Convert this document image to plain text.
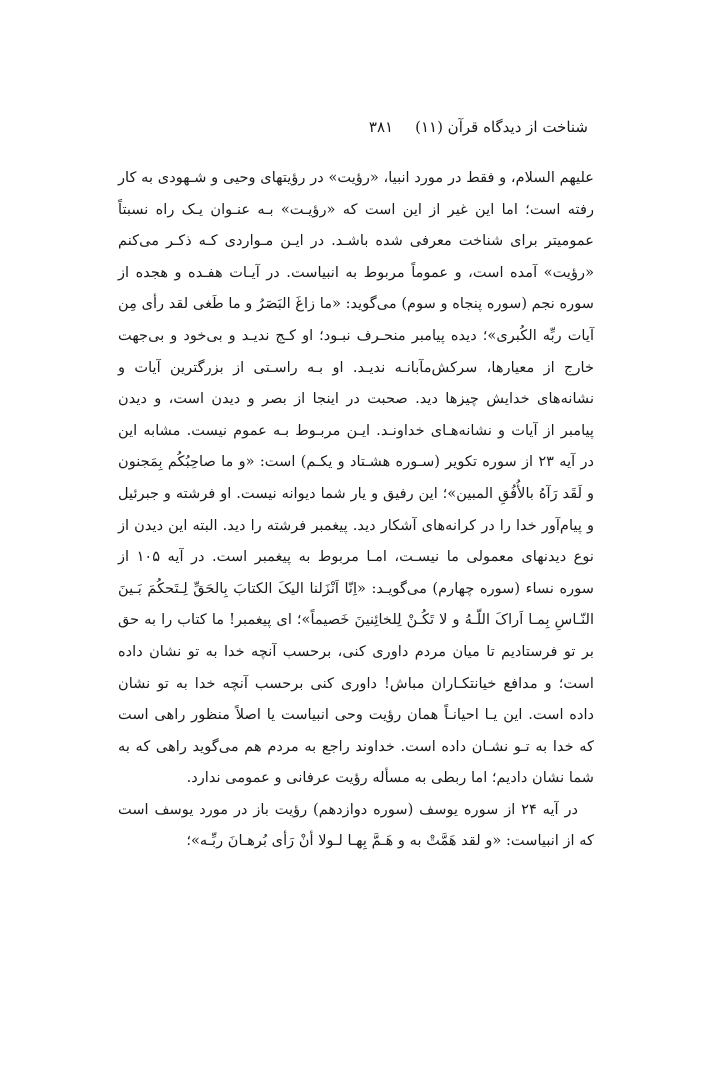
شناخت از دیدگاه قرآن (۱۱)
۳۸۱

علیهم السلام، و فقط در مورد انبیا، «رؤیت» در رؤیتهای وحیی و شـهودی به کار رفته است؛ اما این غیر از این است که «رؤیـت» بـه عنـوان یـک راه نسبتاً عمومیتر برای شناخت معرفی شده باشـد. در ایـن مـواردی کـه ذکـر می‌کنم «رؤیت» آمده است، و عموماً مربوط به انبیاست. در آیـات هفـده و هجده از سوره نجم (سوره پنجاه و سوم) می‌گوید: «ما زاغَ البَصَرُ و ما طَغی لقد رأی مِن آیات ربِّه الکُبری»؛ دیده پیامبر منحـرف نبـود؛ او کـج ندیـد و بی‌خود و بی‌جهت خارج از معیارها، سرکش‌مآبانـه ندیـد. او بـه راسـتی از بزرگترین آیات و نشانه‌های خدایش چیزها دید. صحبت در اینجا از بصر و دیدن است، و دیدن پیامبر از آیات و نشانه‌هـای خداونـد. ایـن مربـوط بـه عموم نیست. مشابه این در آیه ۲۳ از سوره تکویر (سـوره هشـتاد و یکـم) است: «و ما صاحِبُکُم بِمَجنون و لَقَد رَآهُ بالأُفُقِ المبین»؛ این رفیق و یار شما دیوانه نیست. او فرشته و جبرئیل و پیام‌آور خدا را در کرانه‌های آشکار دید. پیغمبر فرشته را دید. البته این دیدن از نوع دیدنهای معمولی ما نیسـت، امـا مربوط به پیغمبر است. در آیه ۱۰۵ از سوره نساء (سوره چهارم) می‌گویـد: «اِنّا اَنْزَلنا الیکَ الکتابَ بِالحَقِّ لِـتَحکُمَ بَـینَ النّـاسِ بِمـا اَراکَ اللّـهُ و لا تَکُـنْ لِلخائِنینَ خَصیماً»؛ ای پیغمبر! ما کتاب را به حق بر تو فرستادیم تا میان مردم داوری کنی، برحسب آنچه خدا به تو نشان داده است؛ و مدافع خیانتکـاران مباش! داوری کنی برحسب آنچه خدا به تو نشان داده است. این یـا احیانـاً همان رؤیت وحی انبیاست یا اصلاً منظور راهی است که خدا به تـو نشـان داده است. خداوند راجع به مردم هم می‌گوید راهی که به شما نشان دادیم؛ اما ربطی به مسأله رؤیت عرفانی و عمومی ندارد.

در آیه ۲۴ از سوره یوسف (سوره دوازدهم) رؤیت باز در مورد یوسف است که از انبیاست: «و لقد هَمَّتْ به و هَـمَّ بِهـا لـولا أنْ رَأی بُرهـانَ ربِّـه»؛
